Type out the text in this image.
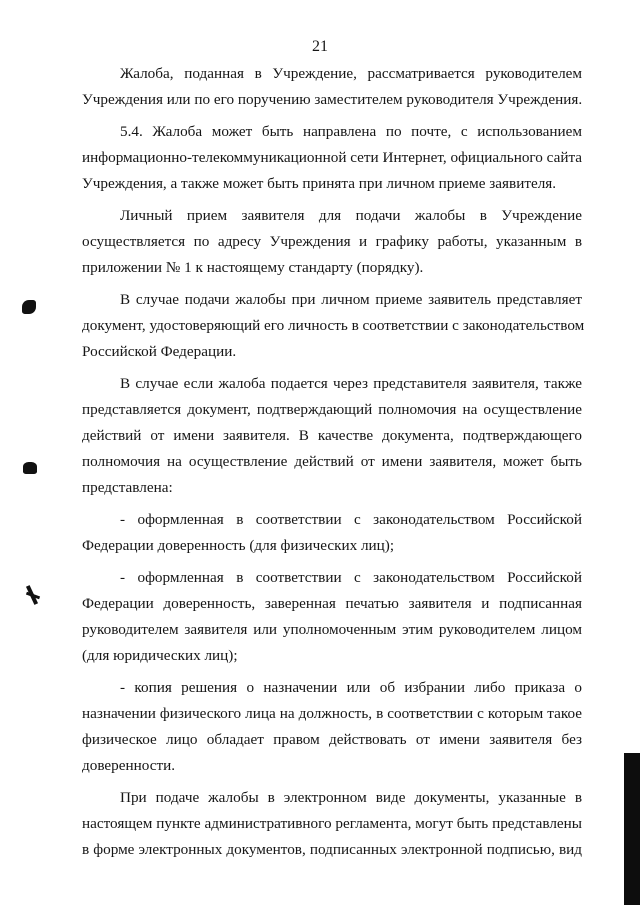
21

Жалоба, поданная в Учреждение, рассматривается руководителем
Учреждения или по его поручению заместителем руководителя Учреждения.

5.4. Жалоба может быть направлена по почте, с использованием
информационно-телекоммуникационной сети Интернет, официального сайта
Учреждения, а также может быть принята при личном приеме заявителя.

Личный прием заявителя для подачи жалобы в Учреждение
осуществляется по адресу Учреждения и графику работы, указанным в
приложении № 1 к настоящему стандарту (порядку).

В случае подачи жалобы при личном приеме заявитель представляет
документ, удостоверяющий его личность в соответствии с законодательством
Российской Федерации.

В случае если жалоба подается через представителя заявителя, также
представляется документ, подтверждающий полномочия на осуществление
действий от имени заявителя. В качестве документа, подтверждающего
полномочия на осуществление действий от имени заявителя, может быть
представлена:

- оформленная в соответствии с законодательством Российской
Федерации доверенность (для физических лиц);

- оформленная в соответствии с законодательством Российской
Федерации доверенность, заверенная печатью заявителя и подписанная
руководителем заявителя или уполномоченным этим руководителем лицом
(для юридических лиц);

- копия решения о назначении или об избрании либо приказа о
назначении физического лица на должность, в соответствии с которым такое
физическое лицо обладает правом действовать от имени заявителя без
доверенности.

При подаче жалобы в электронном виде документы, указанные в
настоящем пункте административного регламента, могут быть представлены
в форме электронных документов, подписанных электронной подписью, вид
